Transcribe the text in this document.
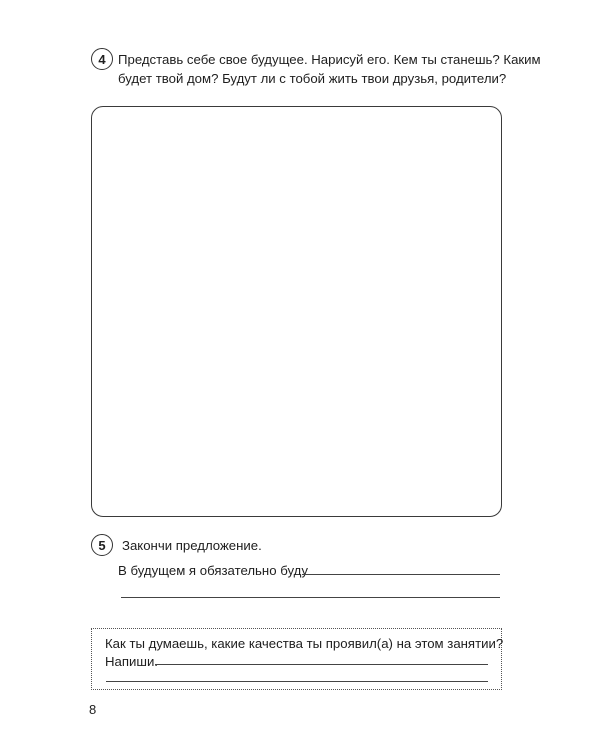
4 Представь себе свое будущее. Нарисуй его. Кем ты станешь? Каким
будет твой дом? Будут ли с тобой жить твои друзья, родители?
5	Закончи предложение.
В будущем я обязательно буду
Как ты думаешь, какие качества ты проявил(а) на этом занятии?
Напиши.
8
